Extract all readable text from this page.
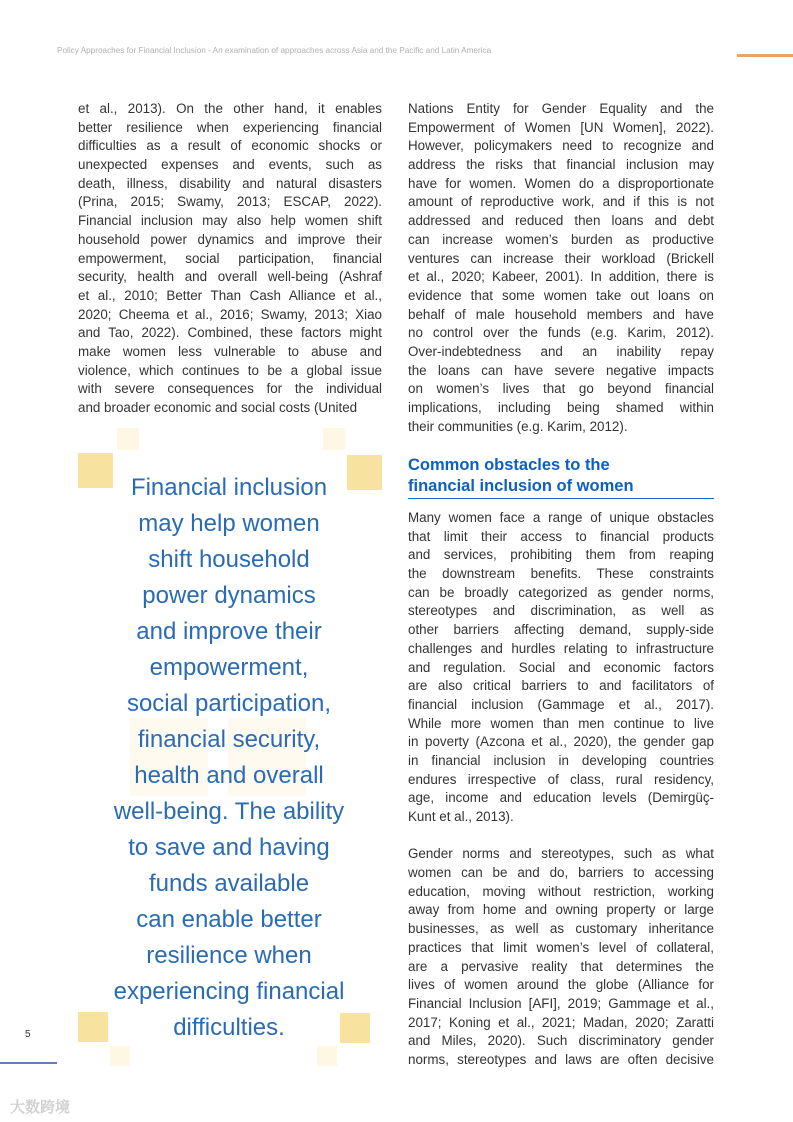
Policy Approaches for Financial Inclusion - An examination of approaches across Asia and the Pacific and Latin America
et al., 2013). On the other hand, it enables
better resilience when experiencing financial
difficulties as a result of economic shocks or
unexpected expenses and events, such as
death, illness, disability and natural disasters
(Prina, 2015; Swamy, 2013; ESCAP, 2022).
Financial inclusion may also help women shift
household power dynamics and improve their
empowerment, social participation, financial
security, health and overall well-being (Ashraf
et al., 2010; Better Than Cash Alliance et al.,
2020; Cheema et al., 2016; Swamy, 2013; Xiao
and Tao, 2022). Combined, these factors might
make women less vulnerable to abuse and
violence, which continues to be a global issue
with severe consequences for the individual
and broader economic and social costs (United
Nations Entity for Gender Equality and the
Empowerment of Women [UN Women], 2022).
However, policymakers need to recognize and
address the risks that financial inclusion may
have for women. Women do a disproportionate
amount of reproductive work, and if this is not
addressed and reduced then loans and debt
can increase women’s burden as productive
ventures can increase their workload (Brickell
et al., 2020; Kabeer, 2001). In addition, there is
evidence that some women take out loans on
behalf of male household members and have
no control over the funds (e.g. Karim, 2012).
Over-indebtedness and an inability repay
the loans can have severe negative impacts
on women’s lives that go beyond financial
implications, including being shamed within
their communities (e.g. Karim, 2012).
Common obstacles to the
financial inclusion of women
Many women face a range of unique obstacles
that limit their access to financial products
and services, prohibiting them from reaping
the downstream benefits. These constraints
can be broadly categorized as gender norms,
stereotypes and discrimination, as well as
other barriers affecting demand, supply-side
challenges and hurdles relating to infrastructure
and regulation. Social and economic factors
are also critical barriers to and facilitators of
financial inclusion (Gammage et al., 2017).
While more women than men continue to live
in poverty (Azcona et al., 2020), the gender gap
in financial inclusion in developing countries
endures irrespective of class, rural residency,
age, income and education levels (Demirgüç-
Kunt et al., 2013).
Gender norms and stereotypes, such as what
women can be and do, barriers to accessing
education, moving without restriction, working
away from home and owning property or large
businesses, as well as customary inheritance
practices that limit women’s level of collateral,
are a pervasive reality that determines the
lives of women around the globe (Alliance for
Financial Inclusion [AFI], 2019; Gammage et al.,
2017; Koning et al., 2021; Madan, 2020; Zaratti
and Miles, 2020). Such discriminatory gender
norms, stereotypes and laws are often decisive
Financial inclusion
may help women
shift household
power dynamics
and improve their
empowerment,
social participation,
financial security,
health and overall
well-being. The ability
to save and having
funds available
can enable better
resilience when
experiencing financial
difficulties.
5
大数跨境
